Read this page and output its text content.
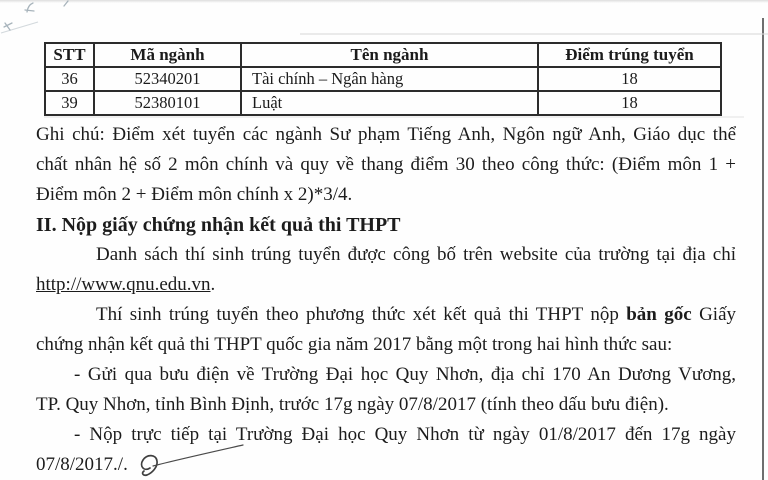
STT	Mã ngành	Tên ngành	Điểm trúng tuyển
36	52340201	Tài chính – Ngân hàng	18
39	52380101	Luật	18
Ghi chú: Điểm xét tuyển các ngành Sư phạm Tiếng Anh, Ngôn ngữ Anh, Giáo dục thể
chất nhân hệ số 2 môn chính và quy về thang điểm 30 theo công thức: (Điểm môn 1 +
Điểm môn 2 + Điểm môn chính x 2)*3/4.
II. Nộp giấy chứng nhận kết quả thi THPT
Danh sách thí sinh trúng tuyển được công bố trên website của trường tại địa chỉ
http://www.qnu.edu.vn.
Thí sinh trúng tuyển theo phương thức xét kết quả thi THPT nộp bản gốc Giấy
chứng nhận kết quả thi THPT quốc gia năm 2017 bằng một trong hai hình thức sau:
- Gửi qua bưu điện về Trường Đại học Quy Nhơn, địa chỉ 170 An Dương Vương,
TP. Quy Nhơn, tỉnh Bình Định, trước 17g ngày 07/8/2017 (tính theo dấu bưu điện).
- Nộp trực tiếp tại Trường Đại học Quy Nhơn từ ngày 01/8/2017 đến 17g ngày
07/8/2017./.
